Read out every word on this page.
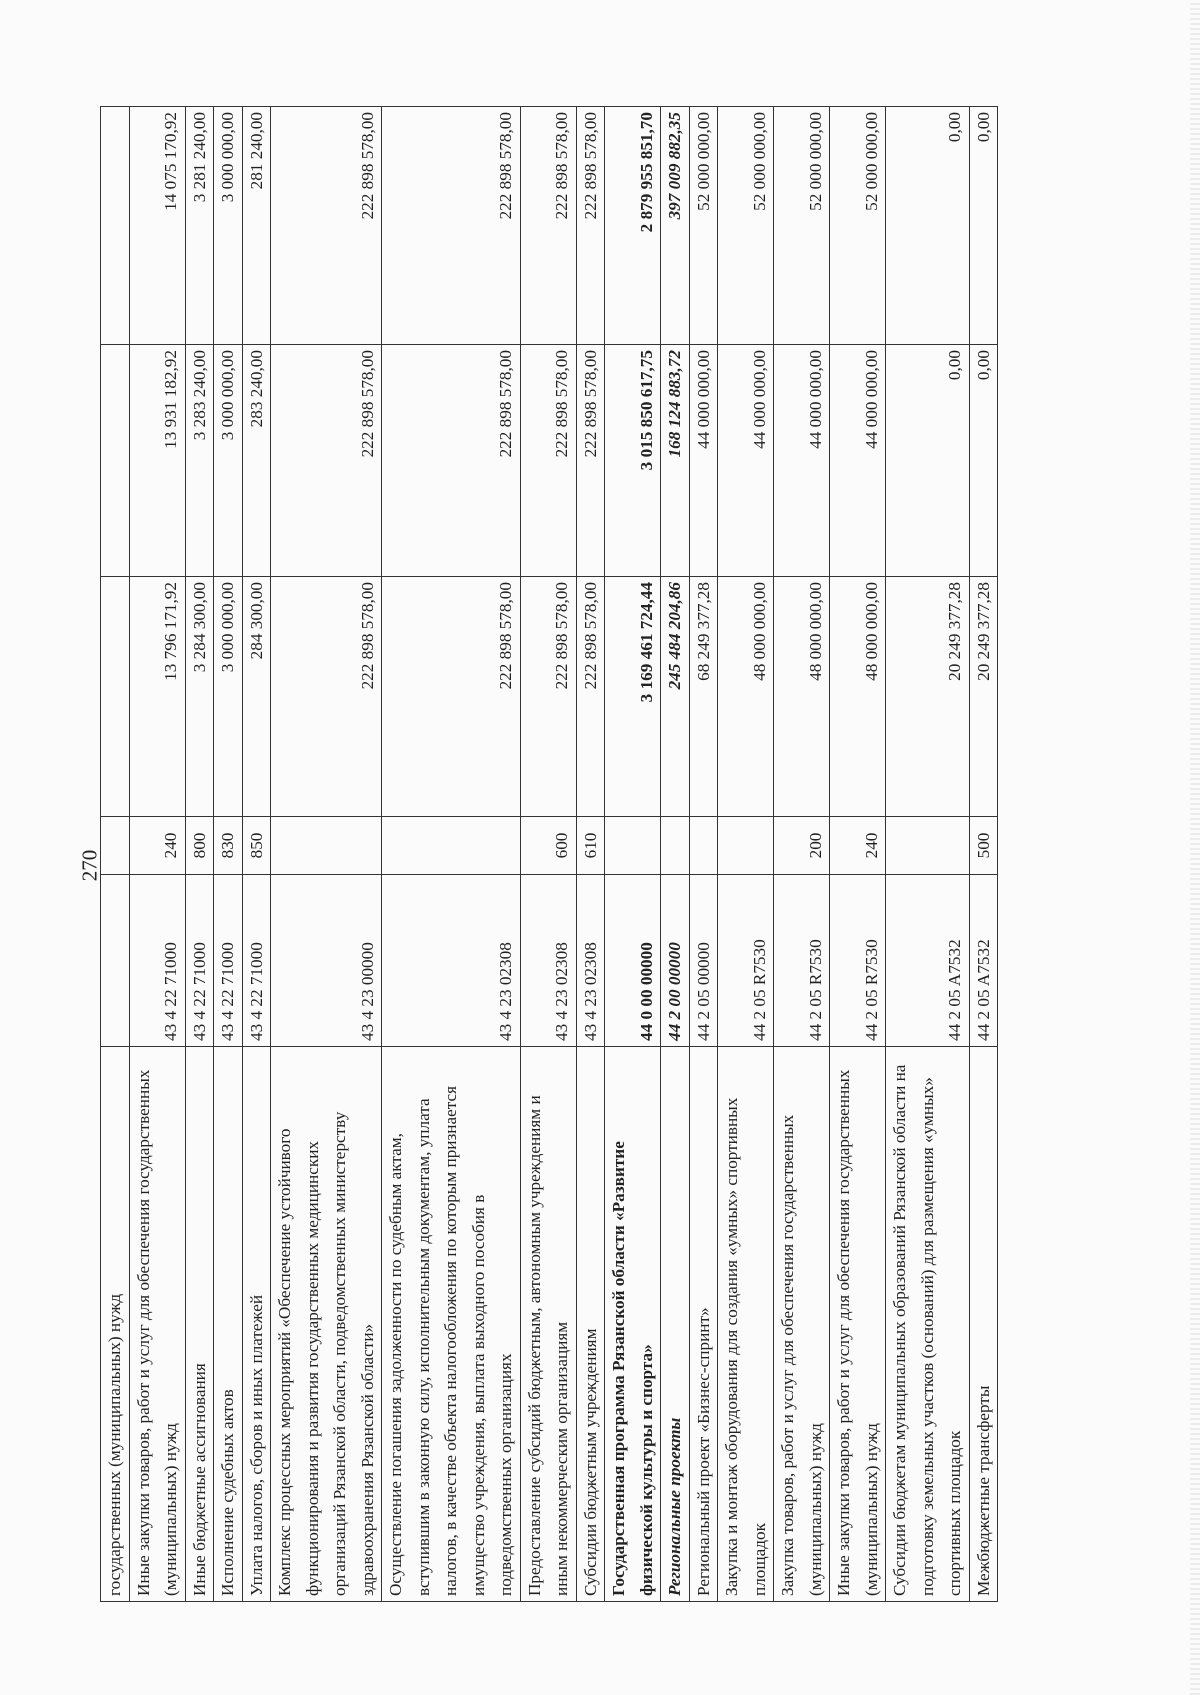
270
государственных (муниципальных) нужд					
Иные закупки товаров, работ и услуг для обеспечения государственных (муниципальных) нужд	43 4 22 71000	240	13 796 171,92	13 931 182,92	14 075 170,92
Иные бюджетные ассигнования	43 4 22 71000	800	3 284 300,00	3 283 240,00	3 281 240,00
Исполнение судебных актов	43 4 22 71000	830	3 000 000,00	3 000 000,00	3 000 000,00
Уплата налогов, сборов и иных платежей	43 4 22 71000	850	284 300,00	283 240,00	281 240,00
Комплекс процессных мероприятий «Обеспечение устойчивого функционирования и развития государственных медицинских организаций Рязанской области, подведомственных министерству здравоохранения Рязанской области»	43 4 23 00000		222 898 578,00	222 898 578,00	222 898 578,00
Осуществление погашения задолженности по судебным актам, вступившим в законную силу, исполнительным документам, уплата налогов, в качестве объекта налогообложения по которым признается имущество учреждения, выплата выходного пособия в подведомственных организациях	43 4 23 02308		222 898 578,00	222 898 578,00	222 898 578,00
Предоставление субсидий бюджетным, автономным учреждениям и иным некоммерческим организациям	43 4 23 02308	600	222 898 578,00	222 898 578,00	222 898 578,00
Субсидии бюджетным учреждениям	43 4 23 02308	610	222 898 578,00	222 898 578,00	222 898 578,00
Государственная программа Рязанской области «Развитие физической культуры и спорта»	44 0 00 00000		3 169 461 724,44	3 015 850 617,75	2 879 955 851,70
Региональные проекты	44 2 00 00000		245 484 204,86	168 124 883,72	397 009 882,35
Региональный проект «Бизнес-спринт»	44 2 05 00000		68 249 377,28	44 000 000,00	52 000 000,00
Закупка и монтаж оборудования для создания «умных» спортивных площадок	44 2 05 R7530		48 000 000,00	44 000 000,00	52 000 000,00
Закупка товаров, работ и услуг для обеспечения государственных (муниципальных) нужд	44 2 05 R7530	200	48 000 000,00	44 000 000,00	52 000 000,00
Иные закупки товаров, работ и услуг для обеспечения государственных (муниципальных) нужд	44 2 05 R7530	240	48 000 000,00	44 000 000,00	52 000 000,00
Субсидии бюджетам муниципальных образований Рязанской области на подготовку земельных участков (оснований) для размещения «умных» спортивных площадок	44 2 05 A7532		20 249 377,28	0,00	0,00
Межбюджетные трансферты	44 2 05 A7532	500	20 249 377,28	0,00	0,00
